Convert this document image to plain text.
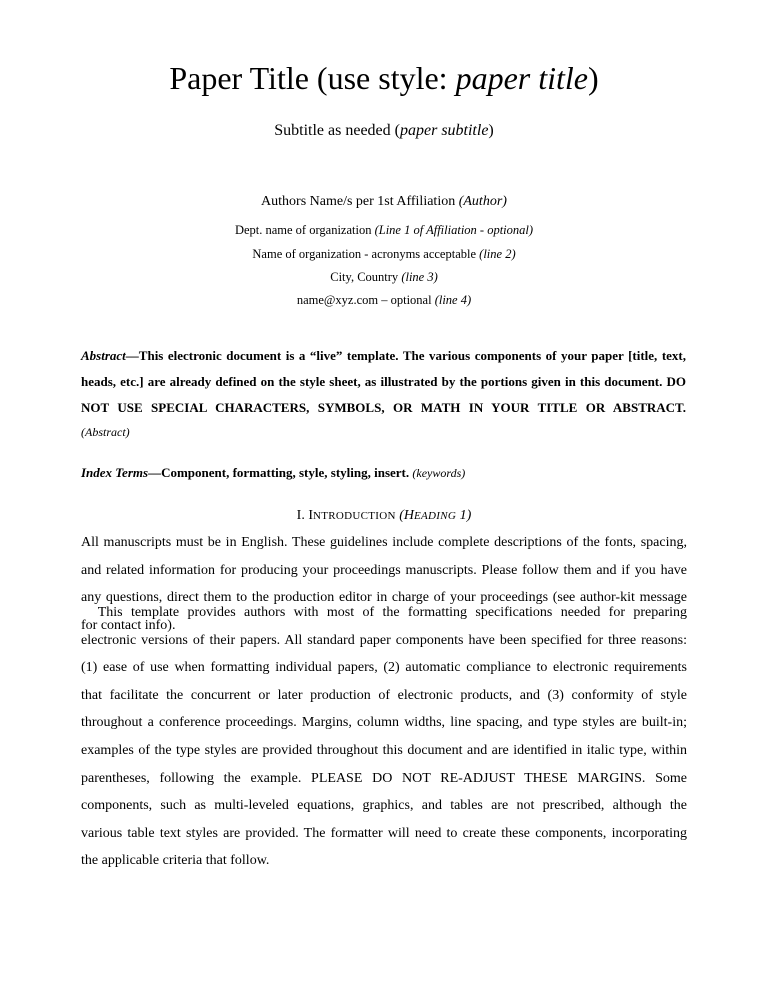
Paper Title (use style: paper title)
Subtitle as needed (paper subtitle)
Authors Name/s per 1st Affiliation (Author)
Dept. name of organization (Line 1 of Affiliation - optional)
Name of organization - acronyms acceptable (line 2)
City, Country (line 3)
name@xyz.com – optional (line 4)
Abstract—This electronic document is a “live” template. The various components of your paper [title, text,
heads, etc.] are already defined on the style sheet, as illustrated by the portions given in this document. DO
NOT USE SPECIAL CHARACTERS, SYMBOLS, OR MATH IN YOUR TITLE OR ABSTRACT.
(Abstract)
Index Terms—Component, formatting, style, styling, insert. (keywords)
I. INTRODUCTION (HEADING 1)
All manuscripts must be in English. These guidelines include complete descriptions of the fonts, spacing,
and related information for producing your proceedings manuscripts. Please follow them and if you have
any questions, direct them to the production editor in charge of your proceedings (see author-kit message
for contact info).
This template provides authors with most of the formatting specifications needed for preparing
electronic versions of their papers. All standard paper components have been specified for three reasons:
(1) ease of use when formatting individual papers, (2) automatic compliance to electronic requirements
that facilitate the concurrent or later production of electronic products, and (3) conformity of style
throughout a conference proceedings. Margins, column widths, line spacing, and type styles are built-in;
examples of the type styles are provided throughout this document and are identified in italic type, within
parentheses, following the example. PLEASE DO NOT RE-ADJUST THESE MARGINS. Some
components, such as multi-leveled equations, graphics, and tables are not prescribed, although the
various table text styles are provided. The formatter will need to create these components, incorporating
the applicable criteria that follow.
